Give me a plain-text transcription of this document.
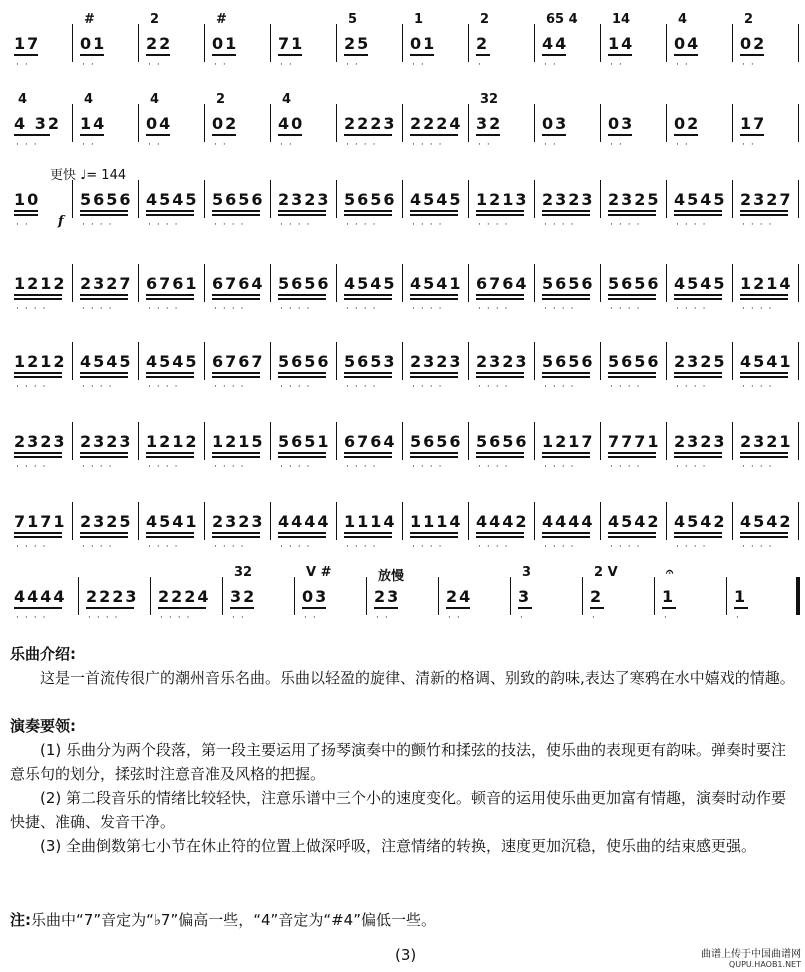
17
··
01
#
··
22
2
··
01
#
··
71
··
25
5
··
01
1
··
2
2
·
44
65 4
··
14
14
··
04
4
··
02
2
··
4 32
4
···
14
4
··
04
4
··
02
2
··
40
4
··
2223
····
2224
····
32
32
··
03
··
03
··
02
··
17
··
10
··
5656
····
4545
····
5656
····
2323
····
5656
····
4545
····
1213
····
2323
····
2325
····
4545
····
2327
····
1212
····
2327
····
6761
····
6764
····
5656
····
4545
····
4541
····
6764
····
5656
····
5656
····
4545
····
1214
····
1212
····
4545
····
4545
····
6767
····
5656
····
5653
····
2323
····
2323
····
5656
····
5656
····
2325
····
4541
····
2323
····
2323
····
1212
····
1215
····
5651
····
6764
····
5656
····
5656
····
1217
····
7771
····
2323
····
2321
····
7171
····
2325
····
4541
····
2323
····
4444
····
1114
····
1114
····
4442
····
4444
····
4542
····
4542
····
4542
····
4444
····
2223
····
2224
····
32
32
··
03
V #
··
23
放慢
··
24
··
3
3
·
2
2 V
·
1
𝄐
·
1
·
更快 ♩= 144
f
乐曲介绍:
这是一首流传很广的潮州音乐名曲。乐曲以轻盈的旋律、清新的格调、别致的韵味,表达了寒鸦在水中嬉戏的情趣。
演奏要领:
(1) 乐曲分为两个段落，第一段主要运用了扬琴演奏中的颤竹和揉弦的技法，使乐曲的表现更有韵味。弹奏时要注意乐句的划分，揉弦时注意音准及风格的把握。
(2) 第二段音乐的情绪比较轻快，注意乐谱中三个小的速度变化。顿音的运用使乐曲更加富有情趣，演奏时动作要快捷、准确、发音干净。
(3) 全曲倒数第七小节在休止符的位置上做深呼吸，注意情绪的转换，速度更加沉稳，使乐曲的结束感更强。
注:乐曲中“7”音定为“♭7”偏高一些，“4”音定为“#4”偏低一些。
(3)	曲谱上传于中国曲谱网
QUPU.HAOB1.NET
